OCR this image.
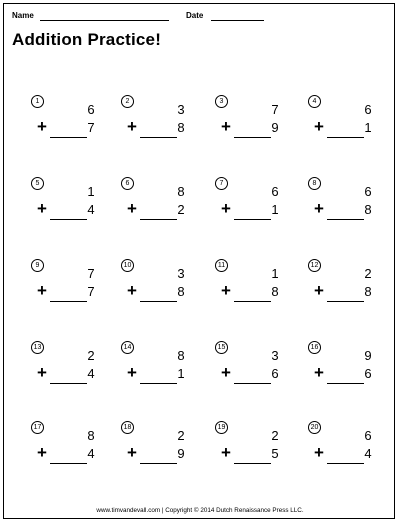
Name	Date
Addition Practice!
1
6
+	7
2
3
+	8
3
7
+	9
4
6
+	1
5
1
+	4
6
8
+	2
7
6
+	1
8
6
+	8
9
7
+	7
10
3
+	8
11
1
+	8
12
2
+	8
13
2
+	4
14
8
+	1
15
3
+	6
16
9
+	6
17
8
+	4
18
2
+	9
19
2
+	5
20
6
+	4
www.timvandevall.com | Copyright © 2014 Dutch Renaissance Press LLC.
